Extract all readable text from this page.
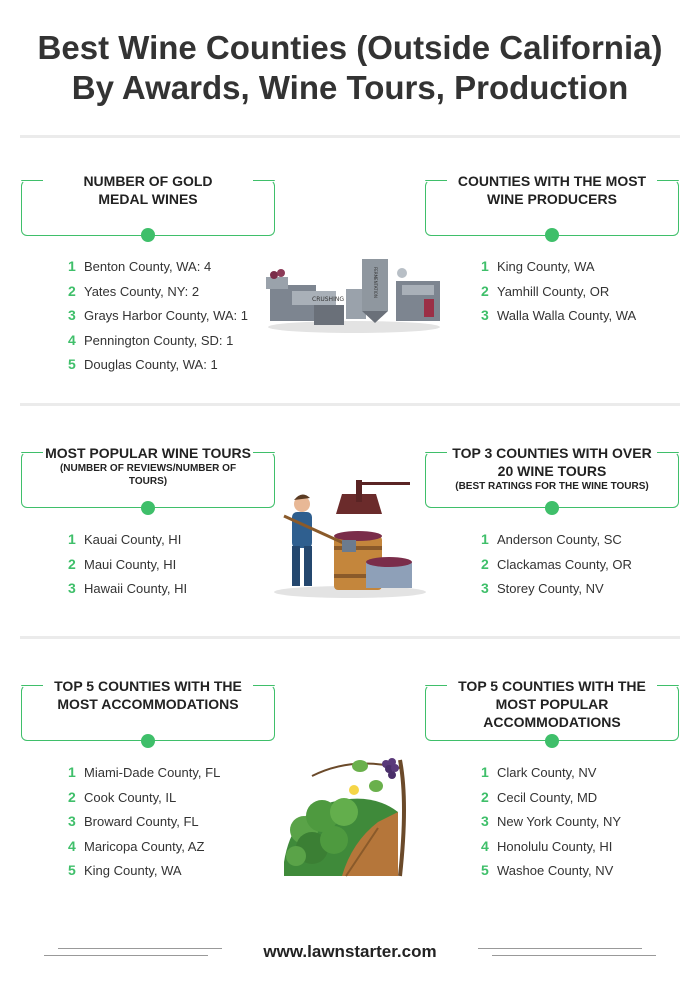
Best Wine Counties (Outside California)
By Awards, Wine Tours, Production
NUMBER OF GOLD
MEDAL WINES
1 Benton County, WA: 4
2 Yates County, NY: 2
3 Grays Harbor County, WA: 1
4 Pennington County, SD: 1
5 Douglas County, WA: 1
COUNTIES WITH THE MOST
WINE PRODUCERS
1 King County, WA
2 Yamhill County, OR
3 Walla Walla County, WA
CRUSHING
FERMENTATION
MOST POPULAR WINE TOURS
(NUMBER OF REVIEWS/NUMBER OF TOURS)
1 Kauai County, HI
2 Maui County, HI
3 Hawaii County, HI
TOP 3 COUNTIES WITH OVER
20 WINE TOURS
(BEST RATINGS FOR THE WINE TOURS)
1 Anderson County, SC
2 Clackamas County, OR
3 Storey County, NV
TOP 5 COUNTIES WITH THE
MOST ACCOMMODATIONS
1 Miami-Dade County, FL
2 Cook County, IL
3 Broward County, FL
4 Maricopa County, AZ
5 King County, WA
TOP 5 COUNTIES WITH THE
MOST POPULAR
ACCOMMODATIONS
1 Clark County, NV
2 Cecil County, MD
3 New York County, NY
4 Honolulu County, HI
5 Washoe County, NV
www.lawnstarter.com
